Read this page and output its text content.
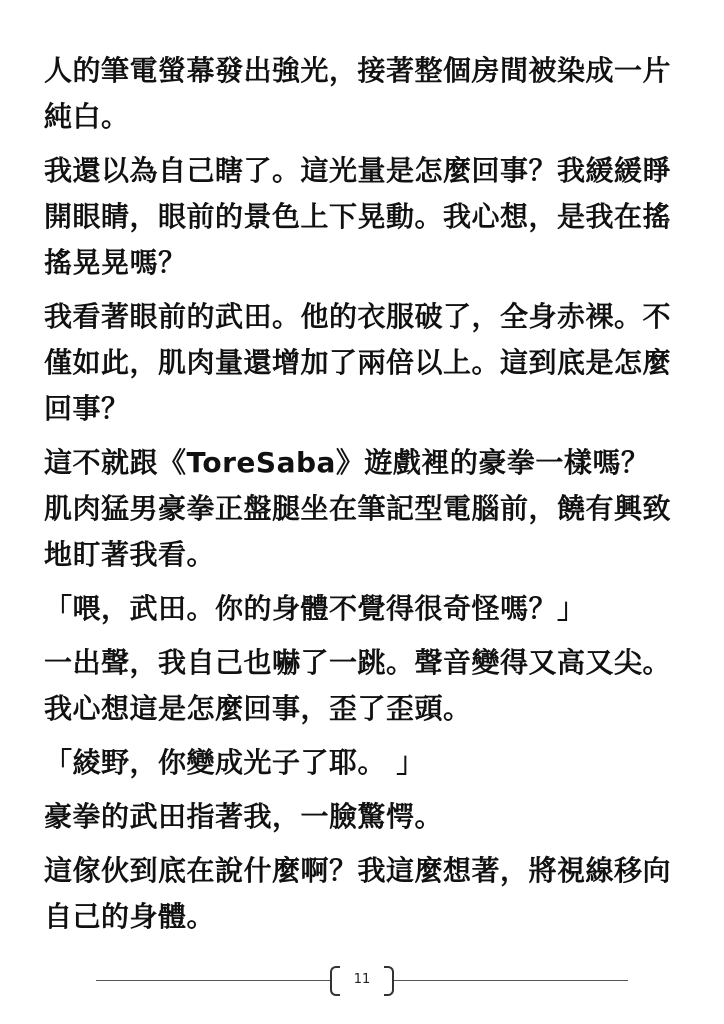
人的筆電螢幕發出強光，接著整個房間被染成一片純白。

我還以為自己瞎了。這光量是怎麼回事？我緩緩睜開眼睛，眼前的景色上下晃動。我心想，是我在搖搖晃晃嗎？

我看著眼前的武田。他的衣服破了，全身赤裸。不僅如此，肌肉量還增加了兩倍以上。這到底是怎麼回事？

這不就跟《ToreSaba》遊戲裡的豪拳一樣嗎？ 肌肉猛男豪拳正盤腿坐在筆記型電腦前，饒有興致地盯著我看。

「喂，武田。你的身體不覺得很奇怪嗎？」

一出聲，我自己也嚇了一跳。聲音變得又高又尖。我心想這是怎麼回事，歪了歪頭。

「綾野，你變成光子了耶。 」

豪拳的武田指著我，一臉驚愕。

這傢伙到底在說什麼啊？我這麼想著，將視線移向自己的身體。

11
